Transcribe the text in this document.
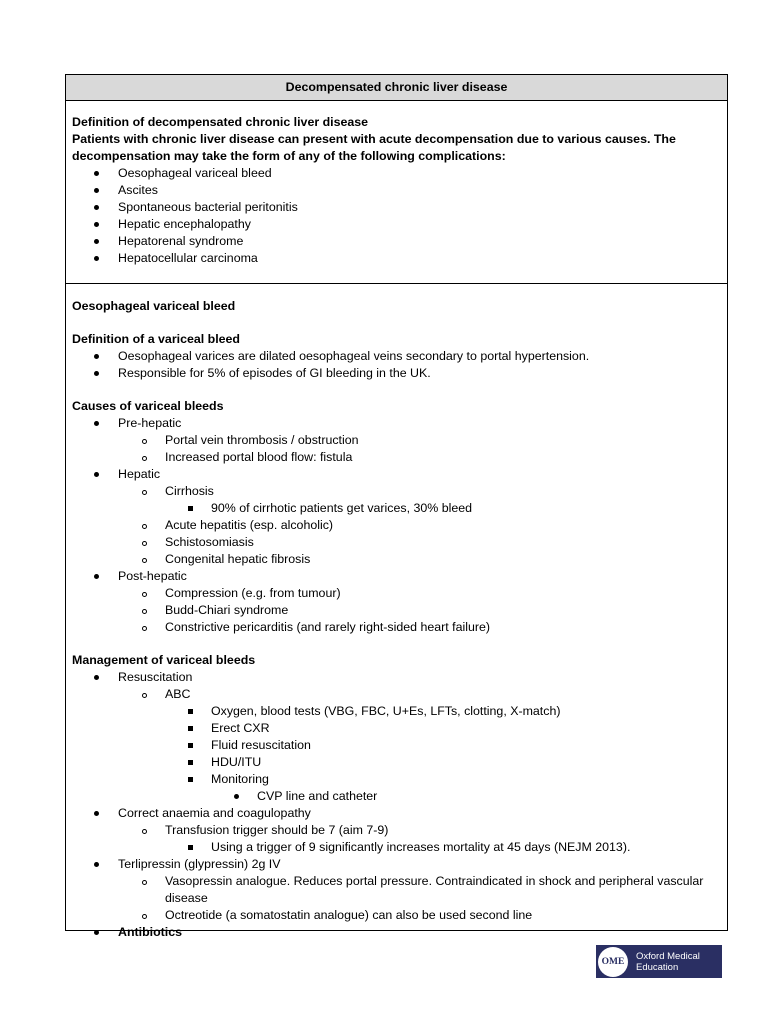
Decompensated chronic liver disease
Definition of decompensated chronic liver disease
Patients with chronic liver disease can present with acute decompensation due to various causes. The
decompensation may take the form of any of the following complications:
Oesophageal variceal bleed
Ascites
Spontaneous bacterial peritonitis
Hepatic encephalopathy
Hepatorenal syndrome
Hepatocellular carcinoma
Oesophageal variceal bleed
Definition of a variceal bleed
Oesophageal varices are dilated oesophageal veins secondary to portal hypertension.
Responsible for 5% of episodes of GI bleeding in the UK.
Causes of variceal bleeds
Pre-hepatic
Portal vein thrombosis / obstruction
Increased portal blood flow: fistula
Hepatic
Cirrhosis
90% of cirrhotic patients get varices, 30% bleed
Acute hepatitis (esp. alcoholic)
Schistosomiasis
Congenital hepatic fibrosis
Post-hepatic
Compression (e.g. from tumour)
Budd-Chiari syndrome
Constrictive pericarditis (and rarely right-sided heart failure)
Management of variceal bleeds
Resuscitation
ABC
Oxygen, blood tests (VBG, FBC, U+Es, LFTs, clotting, X-match)
Erect CXR
Fluid resuscitation
HDU/ITU
Monitoring
CVP line and catheter
Correct anaemia and coagulopathy
Transfusion trigger should be 7 (aim 7-9)
Using a trigger of 9 significantly increases mortality at 45 days (NEJM 2013).
Terlipressin (glypressin) 2g IV
Vasopressin analogue. Reduces portal pressure. Contraindicated in shock and peripheral vascular disease
Octreotide (a somatostatin analogue) can also be used second line
Antibiotics
OME	Oxford Medical
Education
